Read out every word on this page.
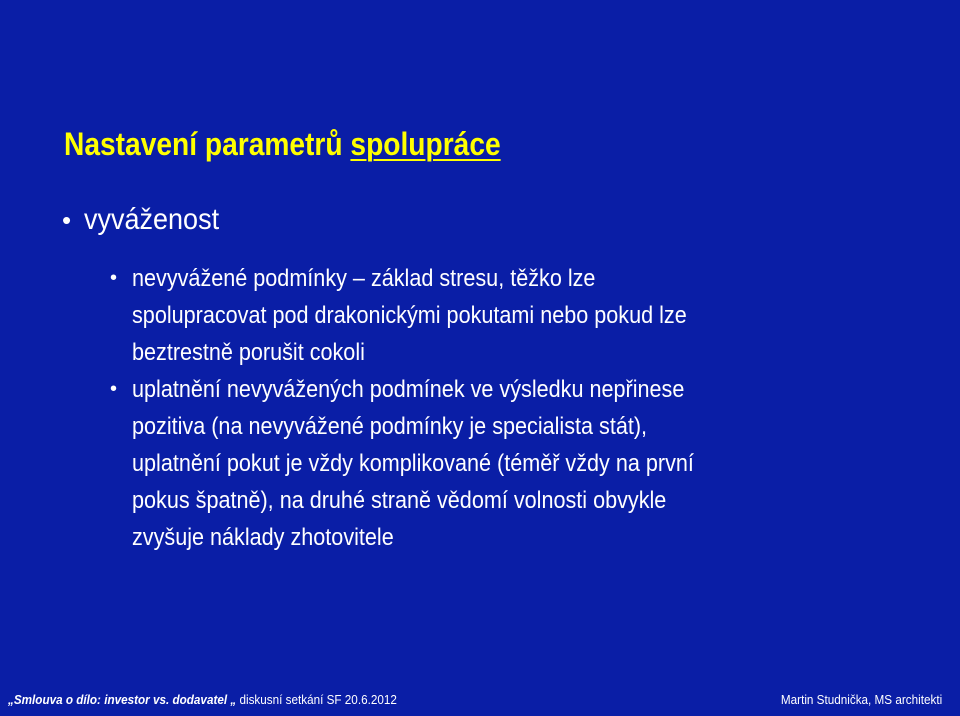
Nastavení parametrů spolupráce
• vyváženost
• nevyvážené podmínky – základ stresu, těžko lze
spolupracovat pod drakonickými pokutami nebo pokud lze
beztrestně porušit cokoli
• uplatnění nevyvážených podmínek ve výsledku nepřinese
pozitiva (na nevyvážené podmínky je specialista stát),
uplatnění pokut je vždy komplikované (téměř vždy na první
pokus špatně), na druhé straně vědomí volnosti obvykle
zvyšuje náklady zhotovitele
„Smlouva o dílo: investor vs. dodavatel „ diskusní setkání SF 20.6.2012	Martin Studnička, MS architekti
